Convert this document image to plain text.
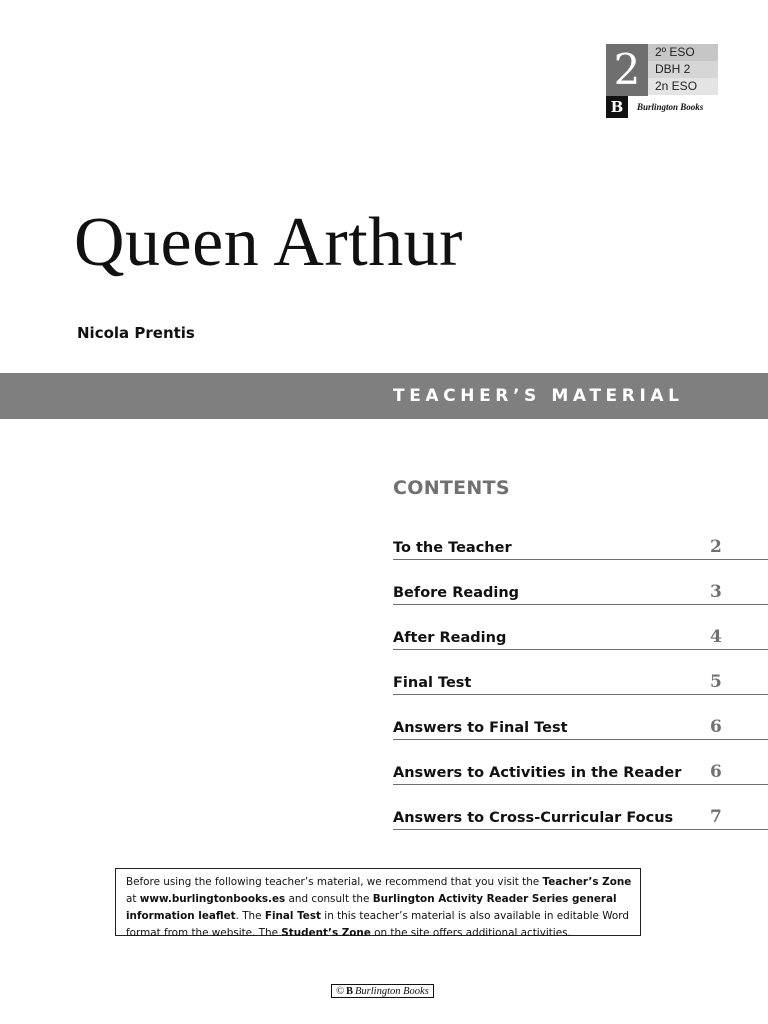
2	2º ESO
DBH 2
2n ESO
B	Burlington Books
Queen Arthur
Nicola Prentis
TEACHER’S MATERIAL
CONTENTS
To the Teacher	2
Before Reading	3
After Reading	4
Final Test	5
Answers to Final Test	6
Answers to Activities in the Reader 6
Answers to Cross-Curricular Focus 7
Before using the following teacher’s material, we recommend that you visit the Teacher’s Zone at www.burlingtonbooks.es and consult the Burlington Activity Reader Series general information leaflet. The Final Test in this teacher’s material is also available in editable Word format from the website. The Student’s Zone on the site offers additional activities.
© B Burlington Books
